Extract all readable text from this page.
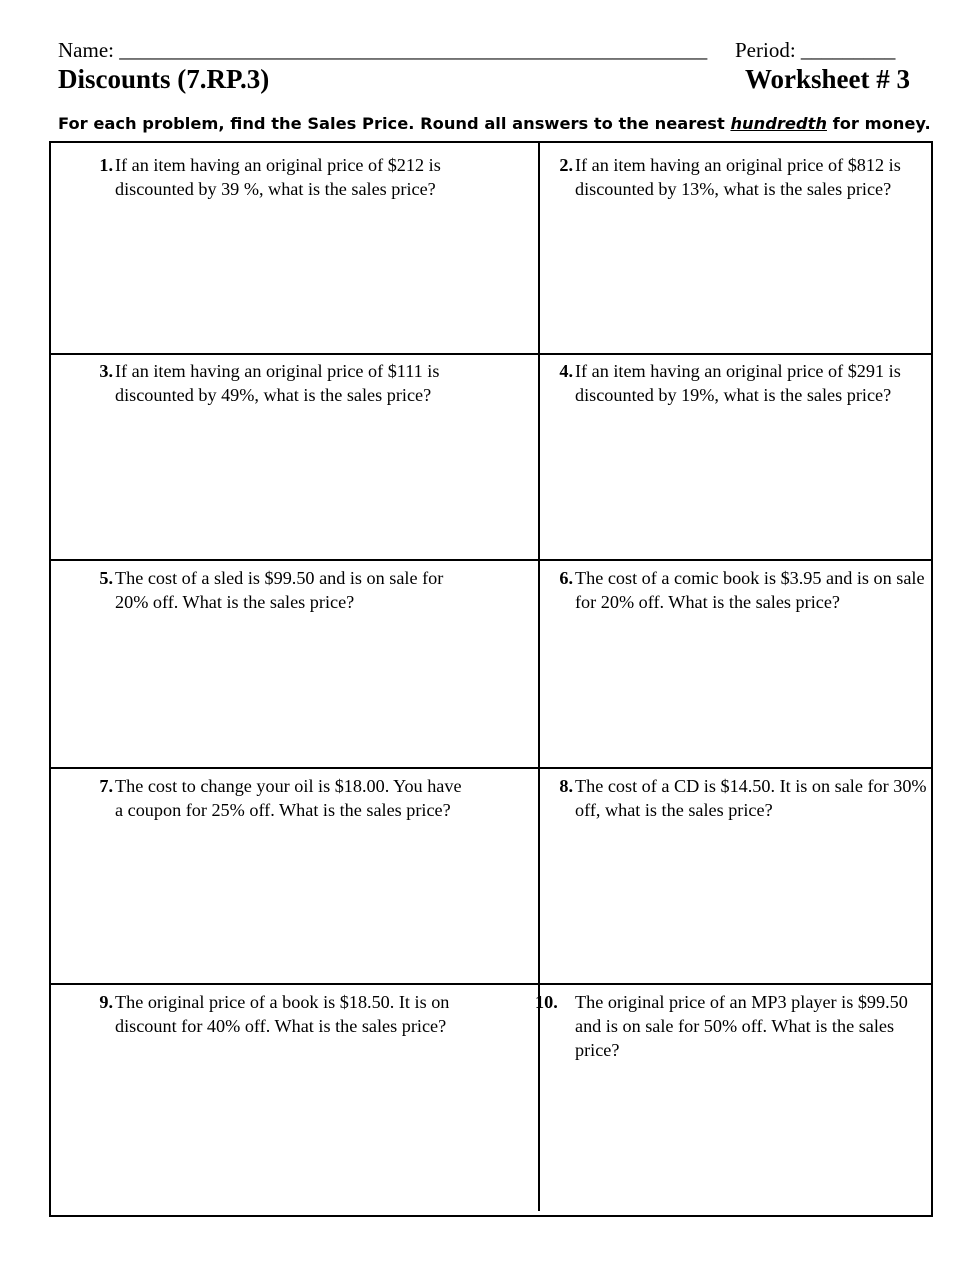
Name: ________________________________________________________ Period: _________
Discounts (7.RP.3)	Worksheet # 3
For each problem, find the Sales Price. Round all answers to the nearest hundredth for money.
1. If an item having an original price of $212 is discounted by 39 %, what is the sales price?
2. If an item having an original price of $812 is discounted by 13%, what is the sales price?
3. If an item having an original price of $111 is discounted by 49%, what is the sales price?
4. If an item having an original price of $291 is discounted by 19%, what is the sales price?
5. The cost of a sled is $99.50 and is on sale for 20% off. What is the sales price?
6. The cost of a comic book is $3.95 and is on sale for 20% off. What is the sales price?
7. The cost to change your oil is $18.00. You have a coupon for 25% off. What is the sales price?
8. The cost of a CD is $14.50. It is on sale for 30% off, what is the sales price?
9. The original price of a book is $18.50. It is on discount for 40% off. What is the sales price?
10. The original price of an MP3 player is $99.50 and is on sale for 50% off. What is the sales price?
